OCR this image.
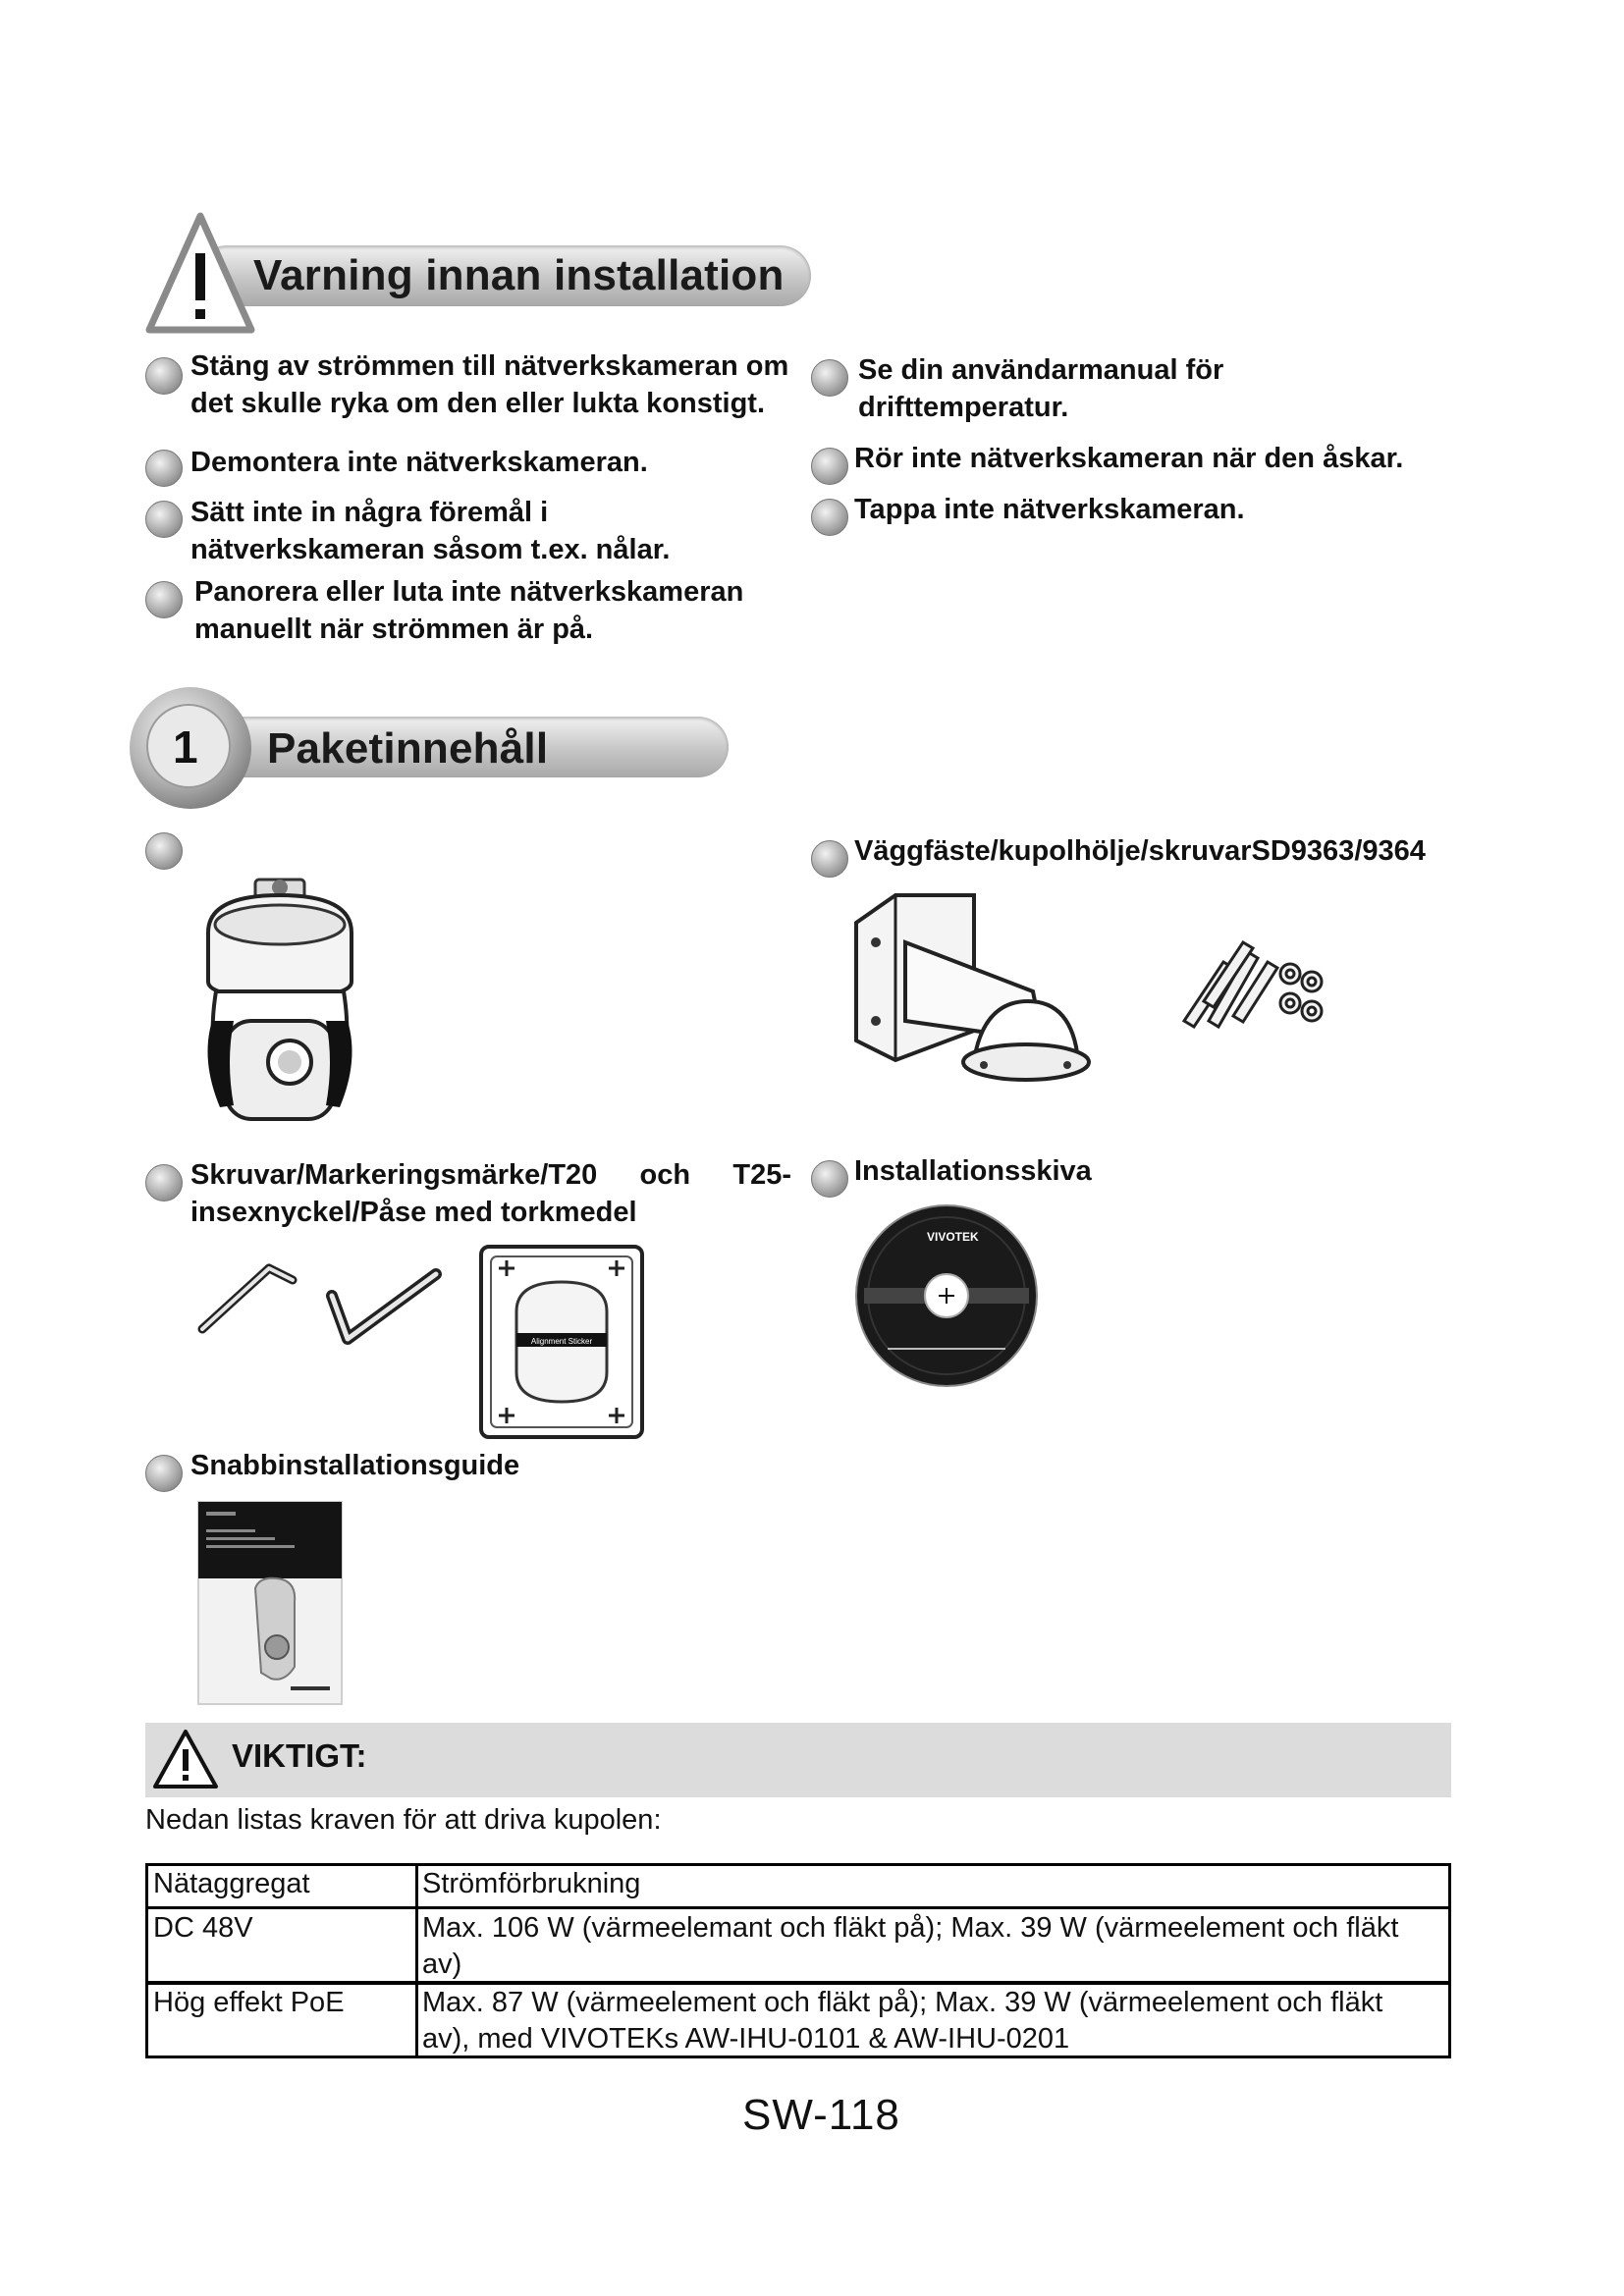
Varning innan installation
Stäng av strömmen till nätverkskameran om det skulle ryka om den eller lukta konstigt.
Demontera inte nätverkskameran.
Sätt inte in några föremål i nätverkskameran såsom t.ex. nålar.
Panorera eller luta inte nätverkskameran manuellt när strömmen är på.
Se din användarmanual för drifttemperatur.
Rör inte nätverkskameran när den åskar.
Tappa inte nätverkskameran.
1 Paketinnehåll
Väggfäste/kupolhölje/skruvarSD9363/9364
Skruvar/Markeringsmärke/T20 och T25-insexnyckel/Påse med torkmedel
Alignment Sticker
Installationsskiva
VIVOTEK
Snabbinstallationsguide
VIKTIGT:
Nedan listas kraven för att driva kupolen:
Nätaggregat	Strömförbrukning
DC 48V	Max. 106 W (värmeelemant och fläkt på); Max. 39 W (värmeelement och fläkt av)
Hög effekt PoE	Max. 87 W (värmeelement och fläkt på); Max. 39 W (värmeelement och fläkt av), med VIVOTEKs AW-IHU-0101 & AW-IHU-0201
SW-118
